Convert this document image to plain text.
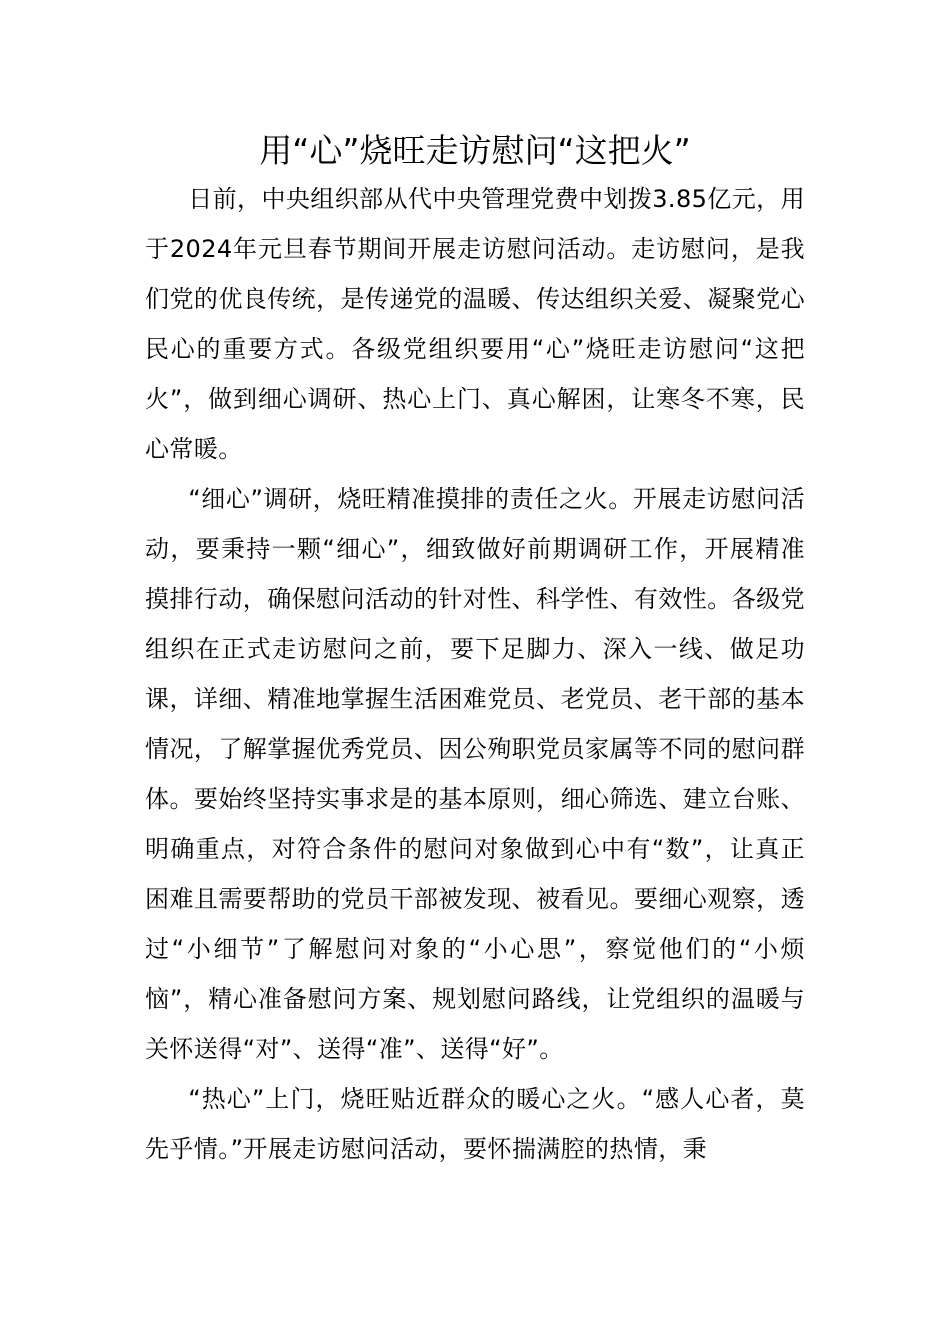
用“心”烧旺走访慰问“这把火”

日前，中央组织部从代中央管理党费中划拨3.85亿元，用于2024年元旦春节期间开展走访慰问活动。走访慰问，是我们党的优良传统，是传递党的温暖、传达组织关爱、凝聚党心民心的重要方式。各级党组织要用“心”烧旺走访慰问“这把火”，做到细心调研、热心上门、真心解困，让寒冬不寒，民心常暖。

“细心”调研，烧旺精准摸排的责任之火。开展走访慰问活动，要秉持一颗“细心”，细致做好前期调研工作，开展精准摸排行动，确保慰问活动的针对性、科学性、有效性。各级党组织在正式走访慰问之前，要下足脚力、深入一线、做足功课，详细、精准地掌握生活困难党员、老党员、老干部的基本情况，了解掌握优秀党员、因公殉职党员家属等不同的慰问群体。要始终坚持实事求是的基本原则，细心筛选、建立台账、明确重点，对符合条件的慰问对象做到心中有“数”，让真正困难且需要帮助的党员干部被发现、被看见。要细心观察，透过“小细节”了解慰问对象的“小心思”，察觉他们的“小烦恼”，精心准备慰问方案、规划慰问路线，让党组织的温暖与关怀送得“对”、送得“准”、送得“好”。

“热心”上门，烧旺贴近群众的暖心之火。“感人心者，莫先乎情。”开展走访慰问活动，要怀揣满腔的热情，秉
